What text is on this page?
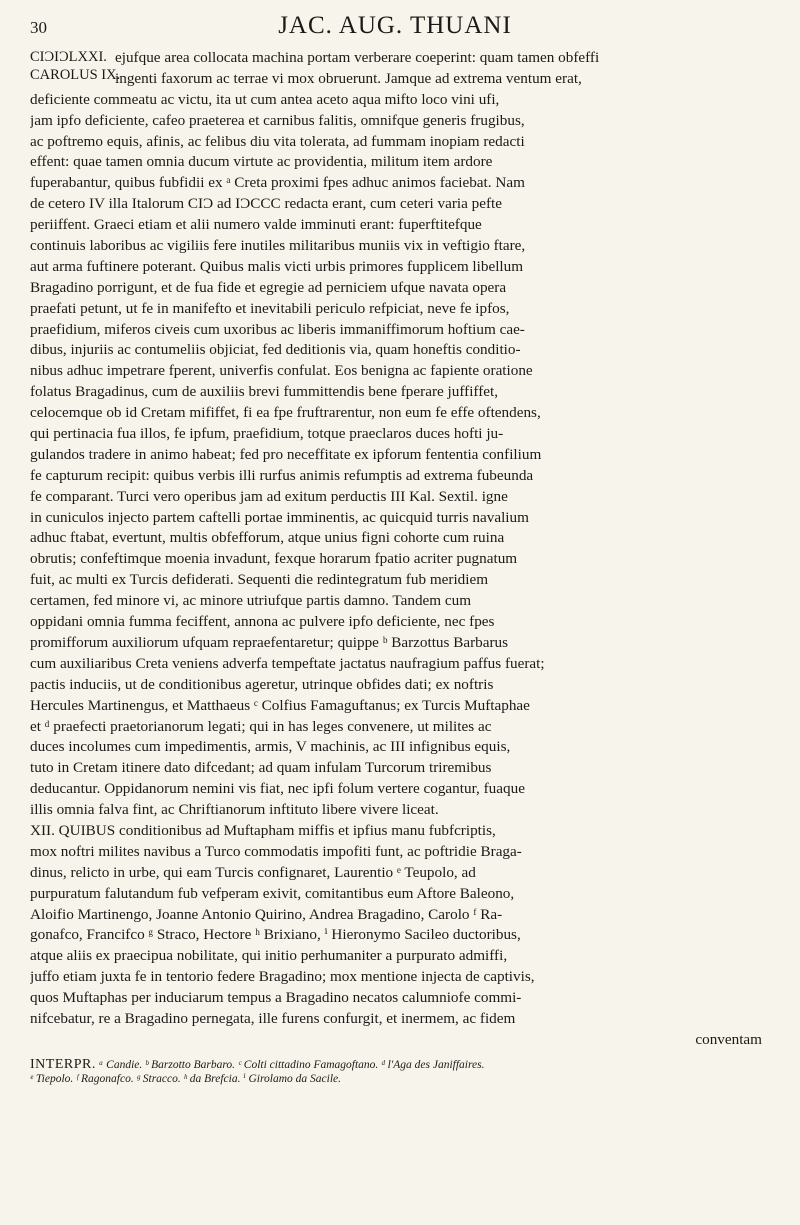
30	JAC. AUG. THUANI
CIƆIƆLXXI.
CAROLUS IX.
ejufque area collocata machina portam verberare coeperint: quam tamen obfeffi
ingenti faxorum ac terrae vi mox obruerunt. Jamque ad extrema ventum erat,
deficiente commeatu ac victu, ita ut cum antea aceto aqua mifto loco vini ufi,
jam ipfo deficiente, cafeo praeterea et carnibus falitis, omnifque generis frugibus,
ac poftremo equis, afinis, ac felibus diu vita tolerata, ad fummam inopiam redacti
effent: quae tamen omnia ducum virtute ac providentia, militum item ardore
fuperabantur, quibus fubfidii ex ᵃ Creta proximi fpes adhuc animos faciebat. Nam
de cetero IV illa Italorum CIƆ ad IƆCCC redacta erant, cum ceteri varia pefte
periiffent. Graeci etiam et alii numero valde imminuti erant: fuperftitefque
continuis laboribus ac vigiliis fere inutiles militaribus muniis vix in veftigio ftare,
aut arma fuftinere poterant. Quibus malis victi urbis primores fupplicem libellum
Bragadino porrigunt, et de fua fide et egregie ad perniciem ufque navata opera
praefati petunt, ut fe in manifefto et inevitabili periculo refpiciat, neve fe ipfos,
praefidium, miferos civeis cum uxoribus ac liberis immaniffimorum hoftium cae-
dibus, injuriis ac contumeliis objiciat, fed deditionis via, quam honeftis conditio-
nibus adhuc impetrare fperent, univerfis confulat. Eos benigna ac fapiente oratione
folatus Bragadinus, cum de auxiliis brevi fummittendis bene fperare juffiffet,
celocemque ob id Cretam mififfet, fi ea fpe fruftrarentur, non eum fe effe oftendens,
qui pertinacia fua illos, fe ipfum, praefidium, totque praeclaros duces hofti ju-
gulandos tradere in animo habeat; fed pro neceffitate ex ipforum fententia confilium
fe capturum recipit: quibus verbis illi rurfus animis refumptis ad extrema fubeunda
fe comparant. Turci vero operibus jam ad exitum perductis III Kal. Sextil. igne
in cuniculos injecto partem caftelli portae imminentis, ac quicquid turris navalium
adhuc ftabat, evertunt, multis obfefforum, atque unius figni cohorte cum ruina
obrutis; confeftimque moenia invadunt, fexque horarum fpatio acriter pugnatum
fuit, ac multi ex Turcis defiderati. Sequenti die redintegratum fub meridiem
certamen, fed minore vi, ac minore utriufque partis damno. Tandem cum
oppidani omnia fumma feciffent, annona ac pulvere ipfo deficiente, nec fpes
promifforum auxiliorum ufquam repraefentaretur; quippe ᵇ Barzottus Barbarus
cum auxiliaribus Creta veniens adverfa tempeftate jactatus naufragium paffus fuerat;
pactis induciis, ut de conditionibus ageretur, utrinque obfides dati; ex noftris
Hercules Martinengus, et Matthaeus ᶜ Colfius Famaguftanus; ex Turcis Muftaphae
et ᵈ praefecti praetorianorum legati; qui in has leges convenere, ut milites ac
duces incolumes cum impedimentis, armis, V machinis, ac III infignibus equis,
tuto in Cretam itinere dato difcedant; ad quam infulam Turcorum triremibus
deducantur. Oppidanorum nemini vis fiat, nec ipfi folum vertere cogantur, fuaque
illis omnia falva fint, ac Chriftianorum inftituto libere vivere liceat.
XII. QUIBUS conditionibus ad Muftapham miffis et ipfius manu fubfcriptis,
mox noftri milites navibus a Turco commodatis impofiti funt, ac poftridie Braga-
dinus, relicto in urbe, qui eam Turcis confignaret, Laurentio ᵉ Teupolo, ad
purpuratum falutandum fub vefperam exivit, comitantibus eum Aftore Baleono,
Aloifio Martinengo, Joanne Antonio Quirino, Andrea Bragadino, Carolo ᶠ Ra-
gonafco, Francifco ᵍ Straco, Hectore ʰ Brixiano, ⁱ Hieronymo Sacileo ductoribus,
atque aliis ex praecipua nobilitate, qui initio perhumaniter a purpurato admiffi,
juffo etiam juxta fe in tentorio federe Bragadino; mox mentione injecta de captivis,
quos Muftaphas per induciarum tempus a Bragadino necatos calumniofe commi-
nifcebatur, re a Bragadino pernegata, ille furens confurgit, et inermem, ac fidem
conventam
INTERPR. ᵃ Candie. ᵇ Barzotto Barbaro. ᶜ Colti cittadino Famagoftano. ᵈ l'Aga des Janiffaires.
ᵉ Tiepolo. ᶠ Ragonafco. ᵍ Stracco. ʰ da Brefcia. ⁱ Girolamo da Sacile.
